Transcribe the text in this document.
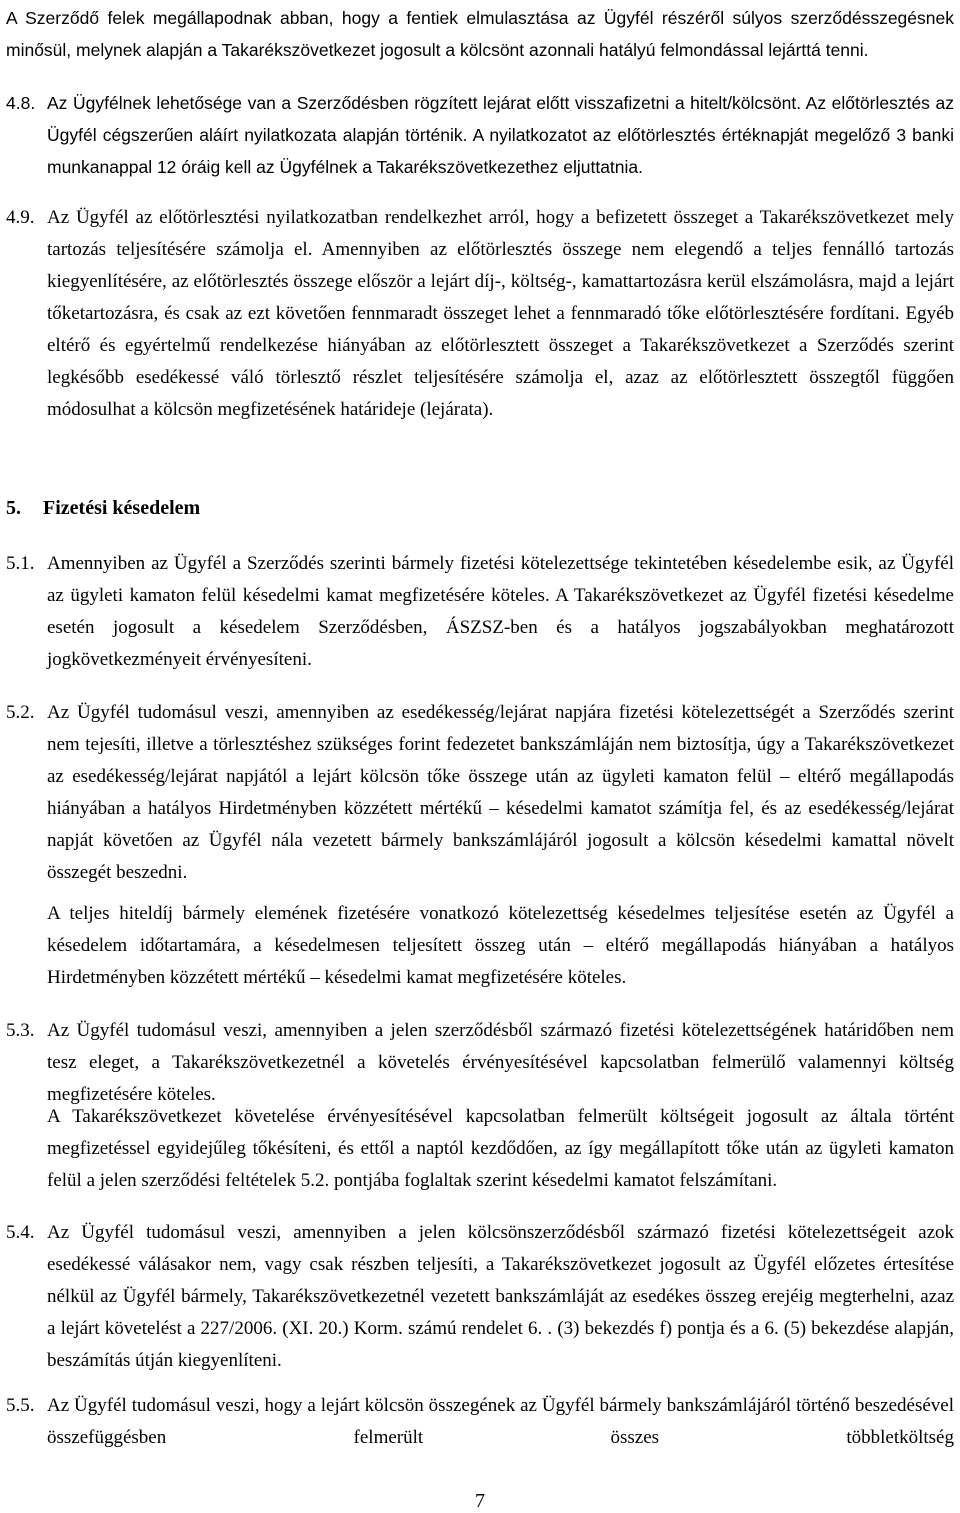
A Szerződő felek megállapodnak abban, hogy a fentiek elmulasztása az Ügyfél részéről súlyos szerződésszegésnek minősül, melynek alapján a Takarékszövetkezet jogosult a kölcsönt azonnali hatályú felmondással lejárttá tenni.

4.8. Az Ügyfélnek lehetősége van a Szerződésben rögzített lejárat előtt visszafizetni a hitelt/kölcsönt. Az előtörlesztés az Ügyfél cégszerűen aláírt nyilatkozata alapján történik. A nyilatkozatot az előtörlesztés értéknapját megelőző 3 banki munkanappal 12 óráig kell az Ügyfélnek a Takarékszövetkezethez eljuttatnia.

4.9. Az Ügyfél az előtörlesztési nyilatkozatban rendelkezhet arról, hogy a befizetett összeget a Takarékszövetkezet mely tartozás teljesítésére számolja el. Amennyiben az előtörlesztés összege nem elegendő a teljes fennálló tartozás kiegyenlítésére, az előtörlesztés összege először a lejárt díj-, költség-, kamattartozásra kerül elszámolásra, majd a lejárt tőketartozásra, és csak az ezt követően fennmaradt összeget lehet a fennmaradó tőke előtörlesztésére fordítani. Egyéb eltérő és egyértelmű rendelkezése hiányában az előtörlesztett összeget a Takarékszövetkezet a Szerződés szerint legkésőbb esedékessé váló törlesztő részlet teljesítésére számolja el, azaz az előtörlesztett összegtől függően módosulhat a kölcsön megfizetésének határideje (lejárata).

5. Fizetési késedelem

5.1. Amennyiben az Ügyfél a Szerződés szerinti bármely fizetési kötelezettsége tekintetében késedelembe esik, az Ügyfél az ügyleti kamaton felül késedelmi kamat megfizetésére köteles. A Takarékszövetkezet az Ügyfél fizetési késedelme esetén jogosult a késedelem Szerződésben, ÁSZSZ-ben és a hatályos jogszabályokban meghatározott jogkövetkezményeit érvényesíteni.

5.2. Az Ügyfél tudomásul veszi, amennyiben az esedékesség/lejárat napjára fizetési kötelezettségét a Szerződés szerint nem tejesíti, illetve a törlesztéshez szükséges forint fedezetet bankszámláján nem biztosítja, úgy a Takarékszövetkezet az esedékesség/lejárat napjától a lejárt kölcsön tőke összege után az ügyleti kamaton felül – eltérő megállapodás hiányában a hatályos Hirdetményben közzétett mértékű – késedelmi kamatot számítja fel, és az esedékesség/lejárat napját követően az Ügyfél nála vezetett bármely bankszámlájáról jogosult a kölcsön késedelmi kamattal növelt összegét beszedni.

A teljes hiteldíj bármely elemének fizetésére vonatkozó kötelezettség késedelmes teljesítése esetén az Ügyfél a késedelem időtartamára, a késedelmesen teljesített összeg után – eltérő megállapodás hiányában a hatályos Hirdetményben közzétett mértékű – késedelmi kamat megfizetésére köteles.

5.3. Az Ügyfél tudomásul veszi, amennyiben a jelen szerződésből származó fizetési kötelezettségének határidőben nem tesz eleget, a Takarékszövetkezetnél a követelés érvényesítésével kapcsolatban felmerülő valamennyi költség megfizetésére köteles.

A Takarékszövetkezet követelése érvényesítésével kapcsolatban felmerült költségeit jogosult az általa történt megfizetéssel egyidejűleg tőkésíteni, és ettől a naptól kezdődően, az így megállapított tőke után az ügyleti kamaton felül a jelen szerződési feltételek 5.2. pontjába foglaltak szerint késedelmi kamatot felszámítani.

5.4. Az Ügyfél tudomásul veszi, amennyiben a jelen kölcsönszerződésből származó fizetési kötelezettségeit azok esedékessé válásakor nem, vagy csak részben teljesíti, a Takarékszövetkezet jogosult az Ügyfél előzetes értesítése nélkül az Ügyfél bármely, Takarékszövetkezetnél vezetett bankszámláját az esedékes összeg erejéig megterhelni, azaz a lejárt követelést a 227/2006. (XI. 20.) Korm. számú rendelet 6. . (3) bekezdés f) pontja és a 6. (5) bekezdése alapján, beszámítás útján kiegyenlíteni.

5.5. Az Ügyfél tudomásul veszi, hogy a lejárt kölcsön összegének az Ügyfél bármely bankszámlájáról történő beszedésével összefüggésben felmerült összes többletköltség

7
